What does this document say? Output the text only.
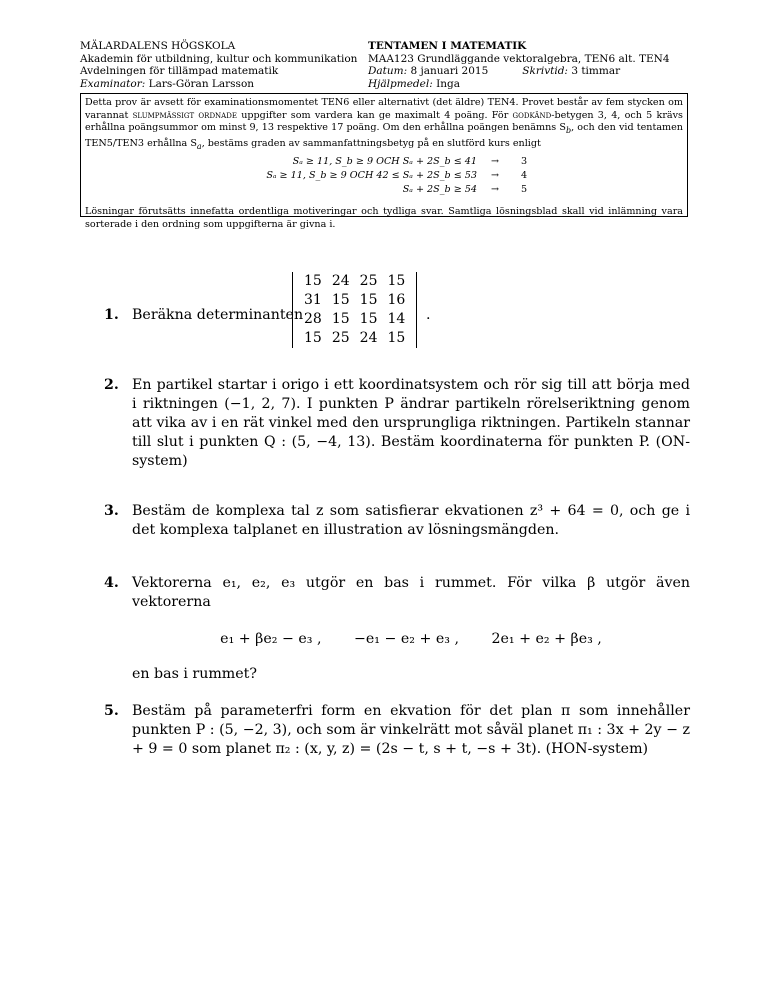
MÄLARDALENS HÖGSKOLA
Akademin för utbildning, kultur och kommunikation
Avdelningen för tillämpad matematik
Examinator: Lars-Göran Larsson
TENTAMEN I MATEMATIK
MAA123 Grundläggande vektoralgebra, TEN6 alt. TEN4
Datum: 8 januari 2015	Skrivtid: 3 timmar
Hjälpmedel: Inga

Detta prov är avsett för examinationsmomentet TEN6 eller alternativt (det äldre) TEN4. Provet består av fem stycken om varannat slumpmässigt ordnade uppgifter som vardera kan ge maximalt 4 poäng. För godkänd-betygen 3, 4, och 5 krävs erhållna poängsummor om minst 9, 13 respektive 17 poäng. Om den erhållna poängen benämns $S_b$, och den vid tentamen TEN5/TEN3 erhållna $S_a$, bestäms graden av sammanfattningsbetyg på en slutförd kurs enligt

Sₐ ≥ 11, S_b ≥ 9 OCH Sₐ + 2S_b ≤ 41 → 3
Sₐ ≥ 11, S_b ≥ 9 OCH 42 ≤ Sₐ + 2S_b ≤ 53 → 4
Sₐ + 2S_b ≥ 54 → 5

Lösningar förutsätts innefatta ordentliga motiveringar och tydliga svar. Samtliga lösningsblad skall vid inlämning vara sorterade i den ordning som uppgifterna är givna i.

1. Beräkna determinanten
15	24	25	15
31	15	15	16
28	15	15	14
15	25	24	15
.
2. En partikel startar i origo i ett koordinatsystem och rör sig till att börja med i riktningen (−1, 2, 7). I punkten P ändrar partikeln rörelseriktning genom att vika av i en rät vinkel med den ursprungliga riktningen. Partikeln stannar till slut i punkten Q : (5, −4, 13). Bestäm koordinaterna för punkten P. (ON-system)
3. Bestäm de komplexa tal z som satisfierar ekvationen z³ + 64 = 0, och ge i det komplexa talplanet en illustration av lösningsmängden.
4. Vektorerna e₁, e₂, e₃ utgör en bas i rummet. För vilka β utgör även vektorerna

e₁ + βe₂ − e₃ , −e₁ − e₂ + e₃ , 2e₁ + e₂ + βe₃ ,

en bas i rummet?

5. Bestäm på parameterfri form en ekvation för det plan π som innehåller punkten P : (5, −2, 3), och som är vinkelrätt mot såväl planet π₁ : 3x + 2y − z + 9 = 0 som planet π₂ : (x, y, z) = (2s − t, s + t, −s + 3t). (HON-system)
